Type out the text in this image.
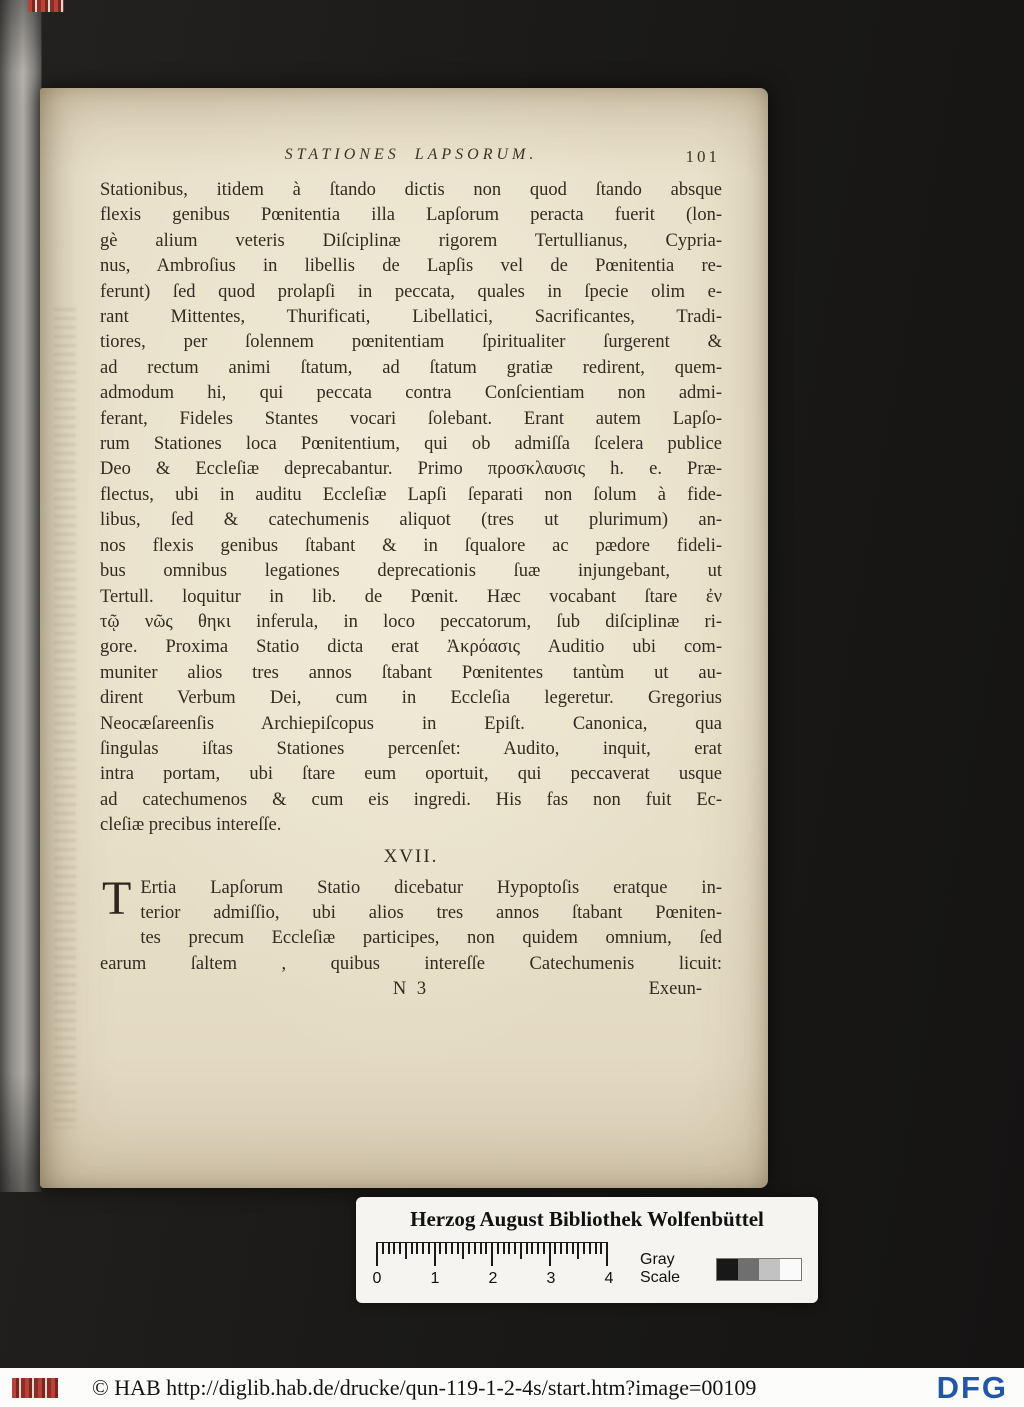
STATIONES LAPSORUM.	101
Stationibus, itidem à ſtando dictis non quod ſtando absque
flexis genibus Pœnitentia illa Lapſorum peracta fuerit (lon-
gè alium veteris Diſciplinæ rigorem Tertullianus, Cypria-
nus, Ambroſius in libellis de Lapſis vel de Pœnitentia re-
ferunt) ſed quod prolapſi in peccata, quales in ſpecie olim e-
rant Mittentes, Thurificati, Libellatici, Sacrificantes, Tradi-
tiores, per ſolennem pœnitentiam ſpiritualiter ſurgerent &
ad rectum animi ſtatum, ad ſtatum gratiæ redirent, quem-
admodum hi, qui peccata contra Conſcientiam non admi-
ferant, Fideles Stantes vocari ſolebant. Erant autem Lapſo-
rum Stationes loca Pœnitentium, qui ob admiſſa ſcelera publice
Deo & Eccleſiæ deprecabantur. Primo προσκλαυσις h. e. Præ-
flectus, ubi in auditu Eccleſiæ Lapſi ſeparati non ſolum à fide-
libus, ſed & catechumenis aliquot (tres ut plurimum) an-
nos flexis genibus ſtabant & in ſqualore ac pædore fideli-
bus omnibus legationes deprecationis ſuæ injungebant, ut
Tertull. loquitur in lib. de Pœnit. Hæc vocabant ſtare ἐν
τῷ νῶς θηκι inferula, in loco peccatorum, ſub diſciplinæ ri-
gore. Proxima Statio dicta erat Ἀκρόασις Auditio ubi com-
muniter alios tres annos ſtabant Pœnitentes tantùm ut au-
dirent Verbum Dei, cum in Eccleſia legeretur. Gregorius
Neocæſareenſis Archiepiſcopus in Epiſt. Canonica, qua
ſingulas iſtas Stationes percenſet: Audito, inquit, erat
intra portam, ubi ſtare eum oportuit, qui peccaverat usque
ad catechumenos & cum eis ingredi. His fas non fuit Ec-
cleſiæ precibus intereſſe.
XVII.
T Ertia Lapſorum Statio dicebatur Hypoptoſis eratque in-
terior admiſſio, ubi alios tres annos ſtabant Pœniten-
tes precum Eccleſiæ participes, non quidem omnium, ſed
earum ſaltem , quibus intereſſe Catechumenis licuit:
N 3	Exeun-
Herzog August Bibliothek Wolfenbüttel
0	1	2	3	4
Gray Scale
© HAB http://diglib.hab.de/drucke/qun-119-1-2-4s/start.htm?image=00109	DFG
